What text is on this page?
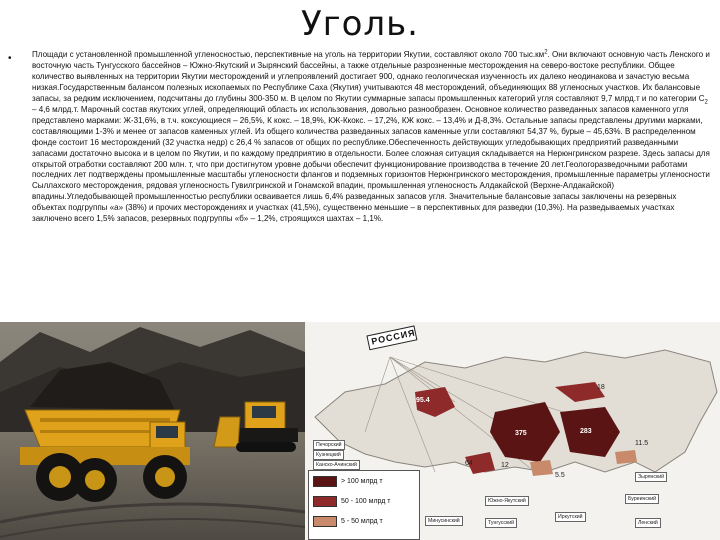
Уголь.
•	Площади с установленной промышленной угленосностью, перспективные на уголь на территории Якутии, составляют около 700 $тыс.км^2$. Они включают основную часть Ленского и восточную часть Тунгусского бассейнов – Южно-Якутский и Зырянский бассейны, а также отдельные разрозненные месторождения на северо-востоке республики. Общее количество выявленных на территории Якутии месторождений и углепроявлений достигает 900, однако геологическая изученность их далеко неодинакова и зачастую весьма низкая.Государственным балансом полезных ископаемых по Республике Саха (Якутия) учитываются 48 месторождений, объединяющих 88 угленосных участков. Их балансовые запасы, за редким исключением, подсчитаны до глубины 300-350 м. В целом по Якутии суммарные запасы промышленных категорий угля составляют 9,7 млрд.т и по категории $С_2 - 4,6$ млрд.т. Марочный состав якутских углей, определяющий область их использования, довольно разнообразен. Основное количество разведанных запасов каменного угля представлено марками: Ж-31,6%, в т.ч. коксующиеся – 26,5%, К кокс. – 18,9%, КЖ-Ккокс. – 17,2%, КЖ кокс. – 13,4% и Д-8,3%. Остальные запасы представлены другими марками, составляющими 1-3% и менее от запасов каменных углей. Из общего количества разведанных запасов каменные угли составляют 54,37 %, бурые – 45,63%. В распределенном фонде состоит 16 месторождений (32 участка недр) с 26,4 % запасов от общих по республике.Обеспеченность действующих угледобывающих предприятий разведанными запасами достаточно высока и в целом по Якутии, и по каждому предприятию в отдельности. Более сложная ситуация складывается на Нерюнгринском разрезе. Здесь запасы для открытой отработки составляют 200 млн. т, что при достигнутом уровне добычи обеспечит функционирование производства в течение 20 лет.Геологоразведочными работами последних лет подтверждены промышленные масштабы угленосности флангов и подземных горизонтов Нерюнгринского месторождения, промышленные параметры угленосности Сыллахского месторождения, рядовая угленосность Гувилгринской и Гонамской впадин, промышленная угленосность Алдакайской (Верхне-Алдакайской) впадины.Угледобывающей промышленностью республики осваивается лишь 6,4% разведанных запасов угля. Значительные балансовые запасы заключены на резервных объектах подгруппы «а» (38%) и прочих месторождениях и участках (41,5%), существенно меньшие – в перспективных для разведки (10,3%). На разведываемых участках заключено всего 1,5% запасов, резервных подгруппы «б» – 1,2%, строящихся шахтах – 1,1%.
РОССИЯ
95.4
375	283
18
11.5
12
64
5.5
Печорский
Кузнецкий
Канско-Ачинский
Южно-Якутский
Зырянский
Минусинский
Иркутский
Буреинский
Тунгусский	Ленский
> 100 млрд т
50 - 100 млрд т
5 - 50 млрд т
